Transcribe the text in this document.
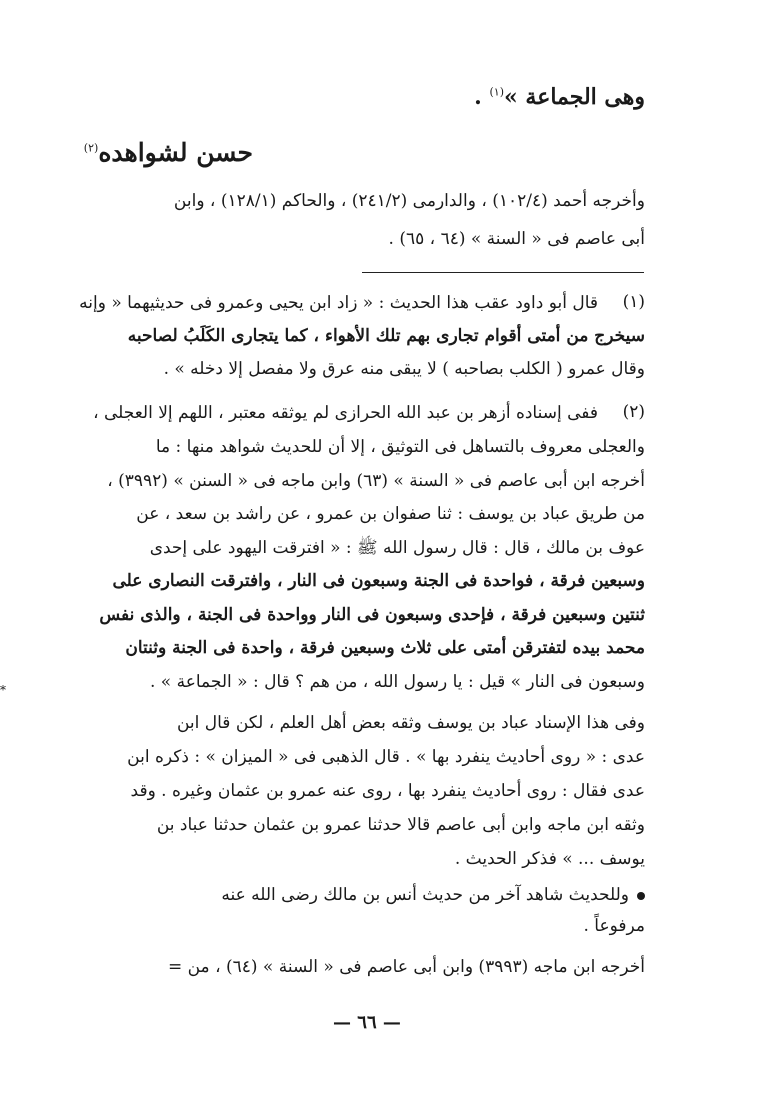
وهى الجماعة »$^{(١)}$ .
حسن لشواهده$^{(٢)}$
وأخرجه أحمد (١٠٢/٤) ، والدارمى (٢٤١/٢) ، والحاكم (١٢٨/١) ، وابن
أبى عاصم فى « السنة » (٦٤ ، ٦٥) .
(١)
قال أبو داود عقب هذا الحديث : « زاد ابن يحيى وعمرو فى حديثيهما « وإنه
سيخرج من أمتى أقوام تجارى بهم تلك الأهواء ، كما يتجارى الكَلَبُ لصاحبه
وقال عمرو ( الكلب بصاحبه ) لا يبقى منه عرق ولا مفصل إلا دخله » .
(٢)
ففى إسناده أزهر بن عبد الله الحرازى لم يوثقه معتبر ، اللهم إلا العجلى ،
والعجلى معروف بالتساهل فى التوثيق ، إلا أن للحديث شواهد منها : ما
أخرجه ابن أبى عاصم فى « السنة » (٦٣) وابن ماجه فى « السنن » (٣٩٩٢) ،
من طريق عباد بن يوسف : ثنا صفوان بن عمرو ، عن راشد بن سعد ، عن
عوف بن مالك ، قال : قال رسول الله ﷺ : « افترقت اليهود على إحدى
وسبعين فرقة ، فواحدة فى الجنة وسبعون فى النار ، وافترقت النصارى على
ثنتين وسبعين فرقة ، فإحدى وسبعون فى النار وواحدة فى الجنة ، والذى نفس
محمد بيده لتفترقن أمتى على ثلاث وسبعين فرقة ، واحدة فى الجنة وثنتان
وسبعون فى النار » قيل : يا رسول الله ، من هم ؟ قال : « الجماعة » .
*
وفى هذا الإسناد عباد بن يوسف وثقه بعض أهل العلم ، لكن قال ابن
عدى : « روى أحاديث ينفرد بها » . قال الذهبى فى « الميزان » : ذكره ابن
عدى فقال : روى أحاديث ينفرد بها ، روى عنه عمرو بن عثمان وغيره . وقد
وثقه ابن ماجه وابن أبى عاصم قالا حدثنا عمرو بن عثمان حدثنا عباد بن
يوسف ... » فذكر الحديث .
وللحديث شاهد آخر من حديث أنس بن مالك رضى الله عنه
مرفوعاً .
أخرجه ابن ماجه (٣٩٩٣) وابن أبى عاصم فى « السنة » (٦٤) ، من =
— ٦٦ —
